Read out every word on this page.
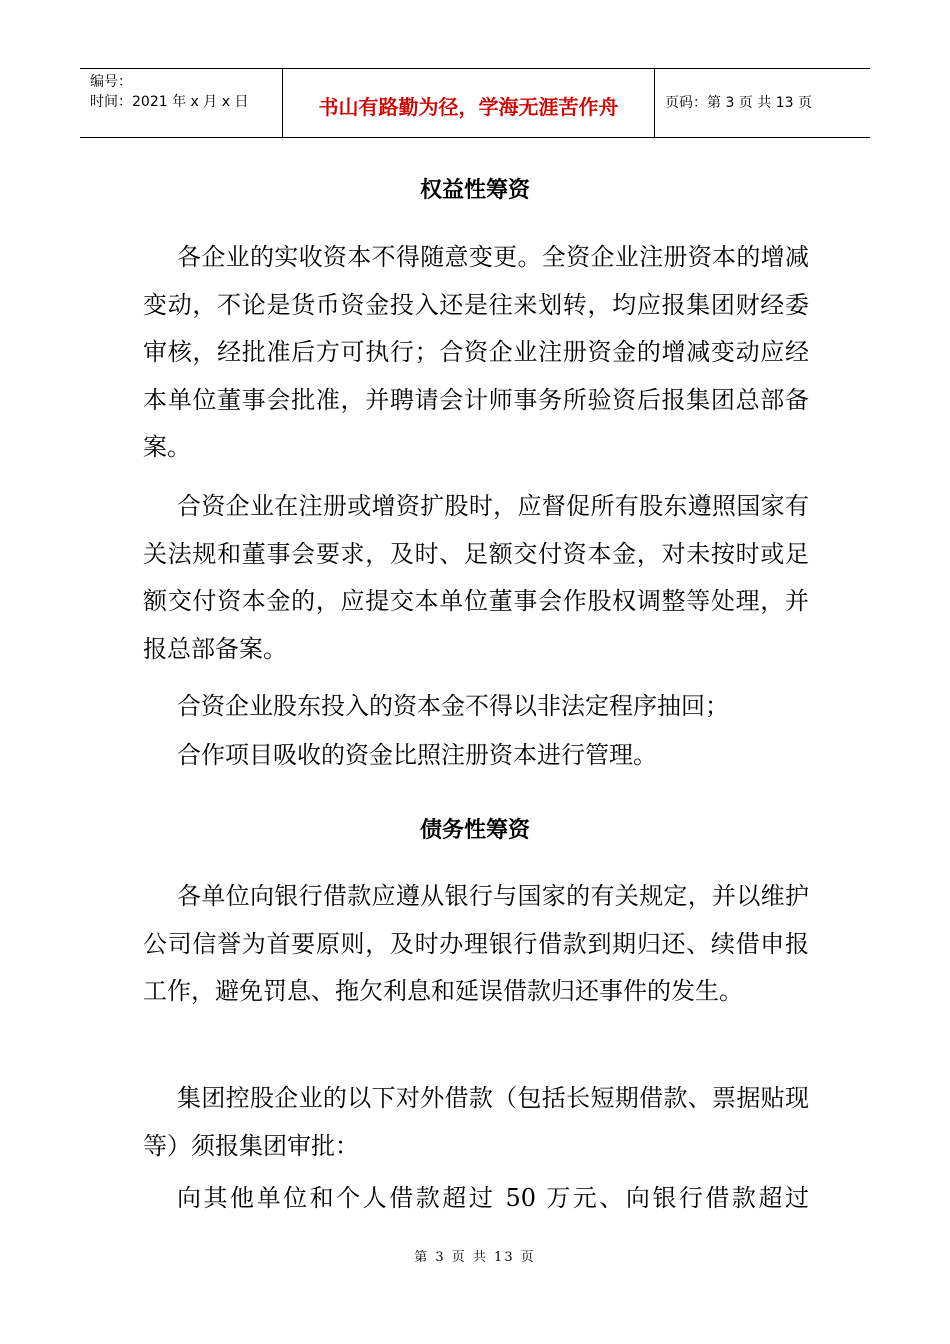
编号：
时间：2021 年 x 月 x 日	书山有路勤为径，学海无涯苦作舟	页码：第 3 页 共 13 页
权益性筹资

各企业的实收资本不得随意变更。全资企业注册资本的增减变动，不论是货币资金投入还是往来划转，均应报集团财经委审核，经批准后方可执行；合资企业注册资金的增减变动应经本单位董事会批准，并聘请会计师事务所验资后报集团总部备案。

合资企业在注册或增资扩股时，应督促所有股东遵照国家有关法规和董事会要求，及时、足额交付资本金，对未按时或足额交付资本金的，应提交本单位董事会作股权调整等处理，并报总部备案。

合资企业股东投入的资本金不得以非法定程序抽回；

合作项目吸收的资金比照注册资本进行管理。

债务性筹资

各单位向银行借款应遵从银行与国家的有关规定，并以维护公司信誉为首要原则，及时办理银行借款到期归还、续借申报工作，避免罚息、拖欠利息和延误借款归还事件的发生。

集团控股企业的以下对外借款（包括长短期借款、票据贴现等）须报集团审批：

向其他单位和个人借款超过 50 万元、向银行借款超过

第 3 页 共 13 页
